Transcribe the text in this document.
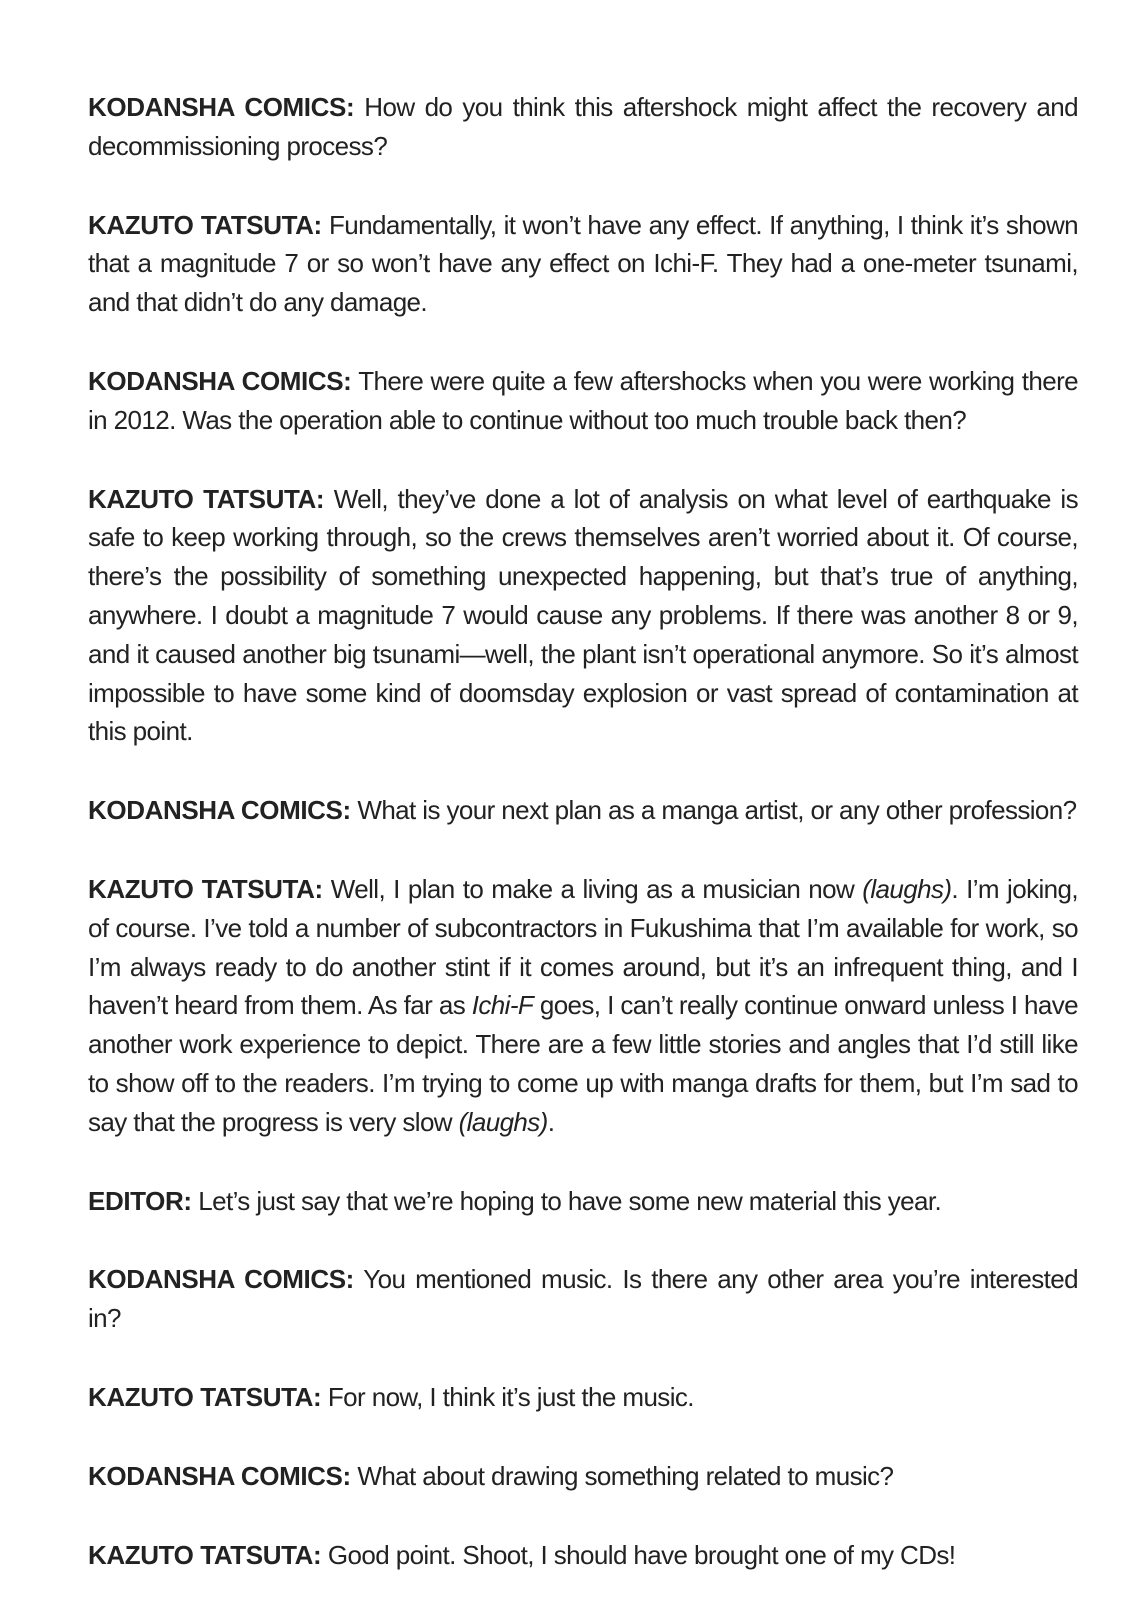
KODANSHA COMICS: How do you think this aftershock might affect the recovery and decommissioning process?

KAZUTO TATSUTA: Fundamentally, it won’t have any effect. If anything, I think it’s shown that a magnitude 7 or so won’t have any effect on Ichi-F. They had a one-meter tsunami, and that didn’t do any damage.

KODANSHA COMICS: There were quite a few aftershocks when you were working there in 2012. Was the operation able to continue without too much trouble back then?

KAZUTO TATSUTA: Well, they’ve done a lot of analysis on what level of earthquake is safe to keep working through, so the crews themselves aren’t worried about it. Of course, there’s the possibility of something unexpected happening, but that’s true of anything, anywhere. I doubt a magnitude 7 would cause any problems. If there was another 8 or 9, and it caused another big tsunami—well, the plant isn’t operational anymore. So it’s almost impossible to have some kind of doomsday explosion or vast spread of contamination at this point.

KODANSHA COMICS: What is your next plan as a manga artist, or any other profession?

KAZUTO TATSUTA: Well, I plan to make a living as a musician now (laughs). I’m joking, of course. I’ve told a number of subcontractors in Fukushima that I’m available for work, so I’m always ready to do another stint if it comes around, but it’s an infrequent thing, and I haven’t heard from them. As far as Ichi-F goes, I can’t really continue onward unless I have another work experience to depict. There are a few little stories and angles that I’d still like to show off to the readers. I’m trying to come up with manga drafts for them, but I’m sad to say that the progress is very slow (laughs).

EDITOR: Let’s just say that we’re hoping to have some new material this year.

KODANSHA COMICS: You mentioned music. Is there any other area you’re interested in?

KAZUTO TATSUTA: For now, I think it’s just the music.

KODANSHA COMICS: What about drawing something related to music?

KAZUTO TATSUTA: Good point. Shoot, I should have brought one of my CDs!
